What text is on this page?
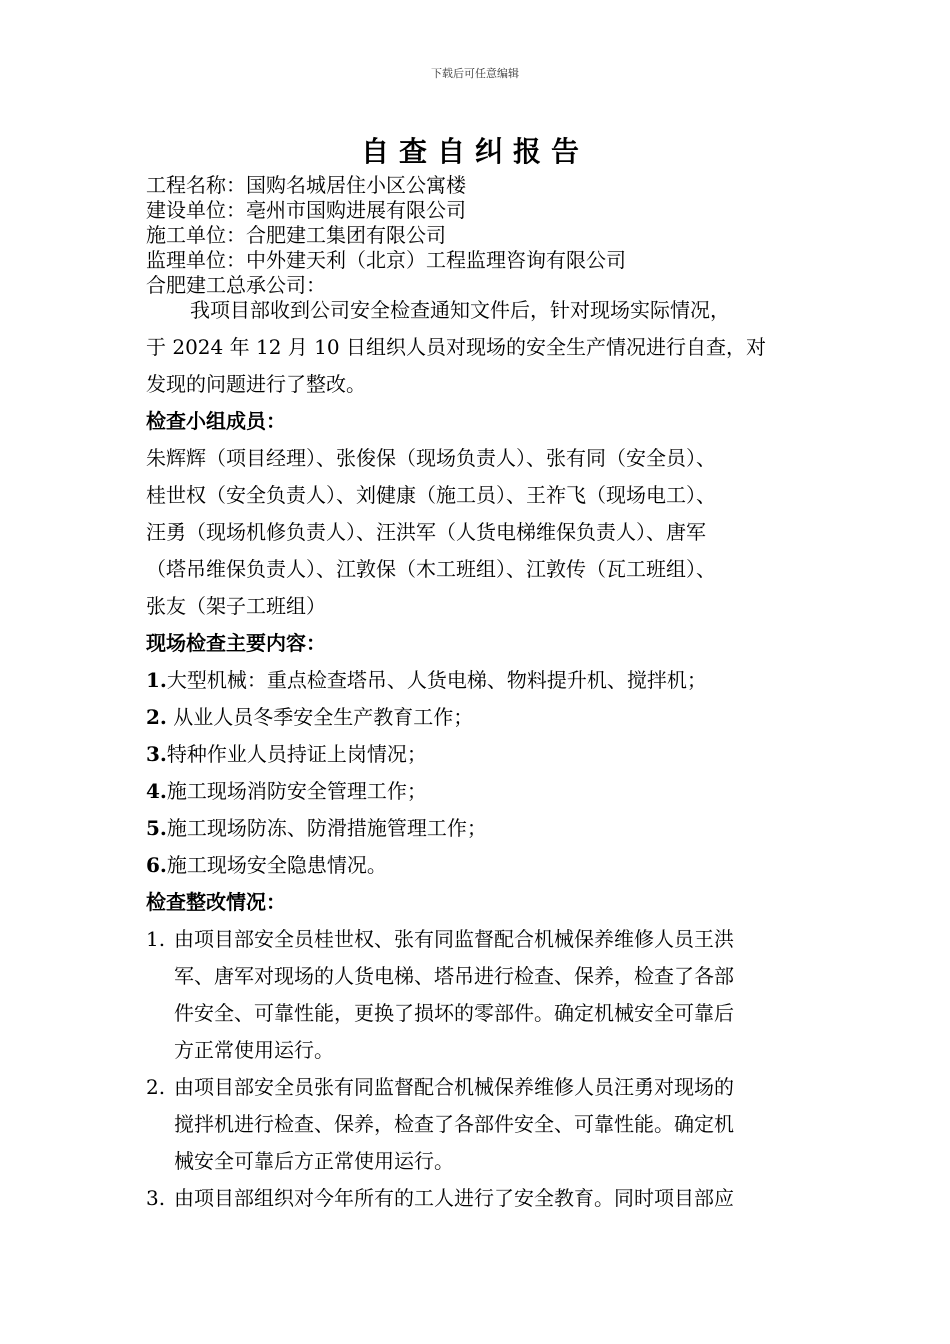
下载后可任意编辑
自查自纠报告
工程名称：国购名城居住小区公寓楼
建设单位：亳州市国购进展有限公司
施工单位：合肥建工集团有限公司
监理单位：中外建天利（北京）工程监理咨询有限公司
合肥建工总承公司：
我项目部收到公司安全检查通知文件后，针对现场实际情况，
于 2024 年 12 月 10 日组织人员对现场的安全生产情况进行自查，对
发现的问题进行了整改。
检查小组成员：
朱辉辉（项目经理）、张俊保（现场负责人）、张有同（安全员）、
桂世权（安全负责人）、刘健康（施工员）、王祚飞（现场电工）、
汪勇（现场机修负责人）、汪洪军（人货电梯维保负责人）、唐军
（塔吊维保负责人）、江敦保（木工班组）、江敦传（瓦工班组）、
张友（架子工班组）
现场检查主要内容：
1.大型机械：重点检查塔吊、人货电梯、物料提升机、搅拌机；
2. 从业人员冬季安全生产教育工作；
3.特种作业人员持证上岗情况；
4.施工现场消防安全管理工作；
5.施工现场防冻、防滑措施管理工作；
6.施工现场安全隐患情况。
检查整改情况：
1. 由项目部安全员桂世权、张有同监督配合机械保养维修人员王洪
军、唐军对现场的人货电梯、塔吊进行检查、保养，检查了各部
件安全、可靠性能，更换了损坏的零部件。确定机械安全可靠后
方正常使用运行。
2. 由项目部安全员张有同监督配合机械保养维修人员汪勇对现场的
搅拌机进行检查、保养，检查了各部件安全、可靠性能。确定机
械安全可靠后方正常使用运行。
3. 由项目部组织对今年所有的工人进行了安全教育。同时项目部应
